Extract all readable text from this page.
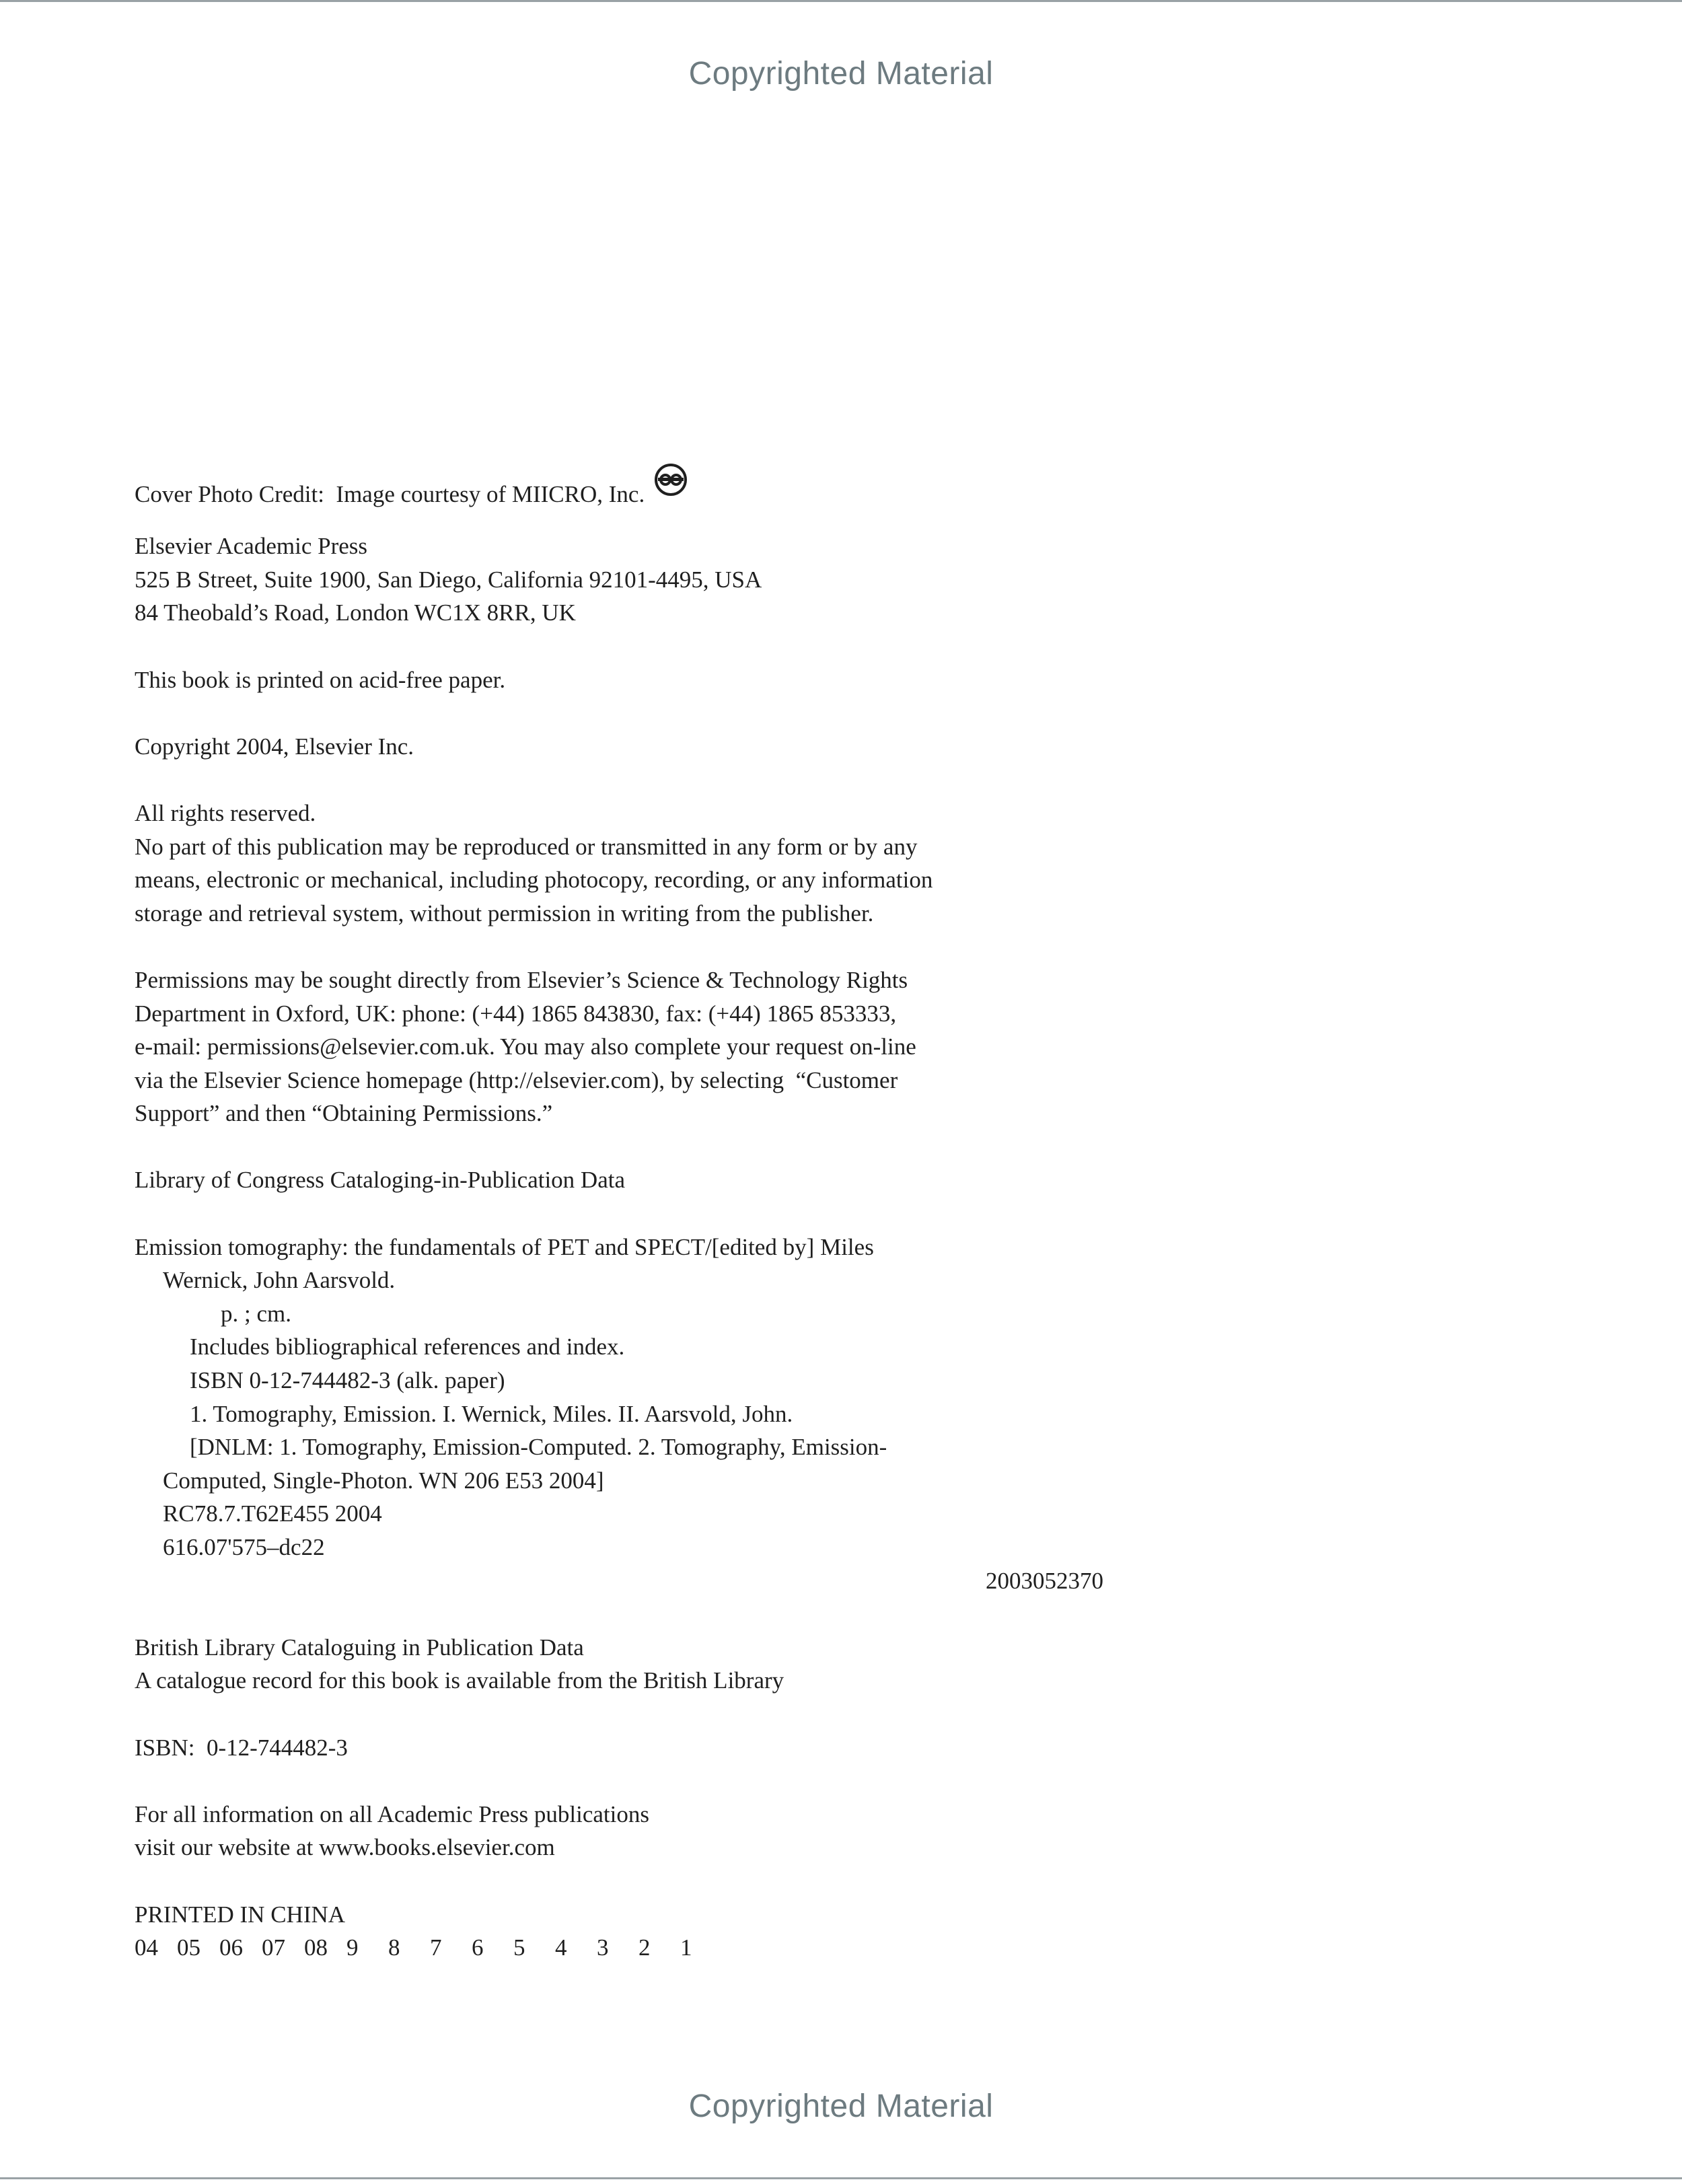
Copyrighted Material
Cover Photo Credit:  Image courtesy of MIICRO, Inc.
Elsevier Academic Press
525 B Street, Suite 1900, San Diego, California 92101-4495, USA
84 Theobald’s Road, London WC1X 8RR, UK
This book is printed on acid-free paper.
Copyright 2004, Elsevier Inc.
All rights reserved.
No part of this publication may be reproduced or transmitted in any form or by any
means, electronic or mechanical, including photocopy, recording, or any information
storage and retrieval system, without permission in writing from the publisher.
Permissions may be sought directly from Elsevier’s Science & Technology Rights
Department in Oxford, UK: phone: (+44) 1865 843830, fax: (+44) 1865 853333,
e-mail: permissions@elsevier.com.uk. You may also complete your request on-line
via the Elsevier Science homepage (http://elsevier.com), by selecting  “Customer
Support” and then “Obtaining Permissions.”
Library of Congress Cataloging-in-Publication Data
Emission tomography: the fundamentals of PET and SPECT/[edited by] Miles
Wernick, John Aarsvold.
p. ; cm.
Includes bibliographical references and index.
ISBN 0-12-744482-3 (alk. paper)
1. Tomography, Emission. I. Wernick, Miles. II. Aarsvold, John.
[DNLM: 1. Tomography, Emission-Computed. 2. Tomography, Emission-
Computed, Single-Photon. WN 206 E53 2004]
RC78.7.T62E455 2004
616.07'575–dc22
2003052370
British Library Cataloguing in Publication Data
A catalogue record for this book is available from the British Library
ISBN:  0-12-744482-3
For all information on all Academic Press publications
visit our website at www.books.elsevier.com
PRINTED IN CHINA
04 05 06 07 08 9 8 7 6 5 4 3 2 1
Copyrighted Material
